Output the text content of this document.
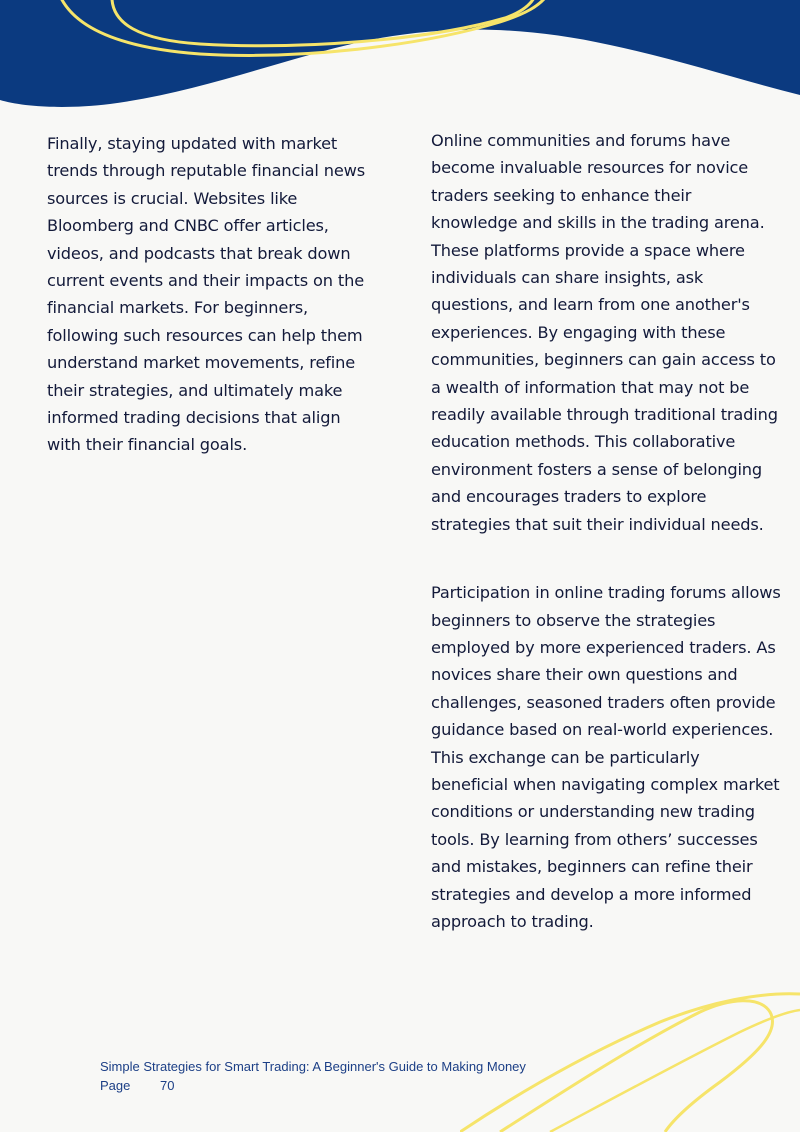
Finally, staying updated with market trends through reputable financial news sources is crucial. Websites like Bloomberg and CNBC offer articles, videos, and podcasts that break down current events and their impacts on the financial markets. For beginners, following such resources can help them understand market movements, refine their strategies, and ultimately make informed trading decisions that align with their financial goals.

Online communities and forums have become invaluable resources for novice traders seeking to enhance their knowledge and skills in the trading arena. These platforms provide a space where individuals can share insights, ask questions, and learn from one another's experiences. By engaging with these communities, beginners can gain access to a wealth of information that may not be readily available through traditional trading education methods. This collaborative environment fosters a sense of belonging and encourages traders to explore strategies that suit their individual needs.

Participation in online trading forums allows beginners to observe the strategies employed by more experienced traders. As novices share their own questions and challenges, seasoned traders often provide guidance based on real-world experiences. This exchange can be particularly beneficial when navigating complex market conditions or understanding new trading tools. By learning from others’ successes and mistakes, beginners can refine their strategies and develop a more informed approach to trading.

Simple Strategies for Smart Trading: A Beginner's Guide to Making Money
Page 70
